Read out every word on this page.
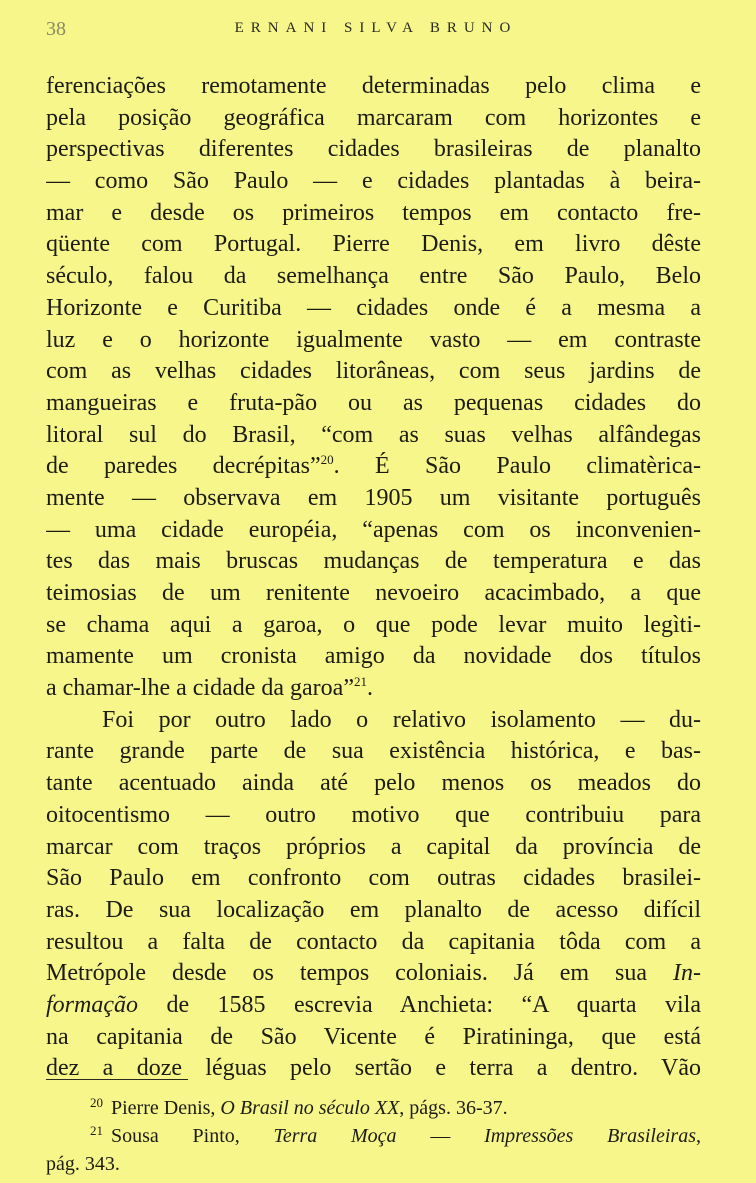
38	ERNANI SILVA BRUNO
ferenciações remotamente determinadas pelo clima e
pela posição geográfica marcaram com horizontes e
perspectivas diferentes cidades brasileiras de planalto
— como São Paulo — e cidades plantadas à beira-
mar e desde os primeiros tempos em contacto fre-
qüente com Portugal. Pierre Denis, em livro dêste
século, falou da semelhança entre São Paulo, Belo
Horizonte e Curitiba — cidades onde é a mesma a
luz e o horizonte igualmente vasto — em contraste
com as velhas cidades litorâneas, com seus jardins de
mangueiras e fruta-pão ou as pequenas cidades do
litoral sul do Brasil, “com as suas velhas alfândegas
de paredes decrépitas”$^{20}$. É São Paulo climatèrica-
mente — observava em 1905 um visitante português
— uma cidade européia, “apenas com os inconvenien-
tes das mais bruscas mudanças de temperatura e das
teimosias de um renitente nevoeiro acacimbado, a que
se chama aqui a garoa, o que pode levar muito legìti-
mamente um cronista amigo da novidade dos títulos
a chamar-lhe a cidade da garoa”$^{21}$.
Foi por outro lado o relativo isolamento — du-
rante grande parte de sua existência histórica, e bas-
tante acentuado ainda até pelo menos os meados do
oitocentismo — outro motivo que contribuiu para
marcar com traços próprios a capital da província de
São Paulo em confronto com outras cidades brasilei-
ras. De sua localização em planalto de acesso difícil
resultou a falta de contacto da capitania tôda com a
Metrópole desde os tempos coloniais. Já em sua In-
formação de 1585 escrevia Anchieta: “A quarta vila
na capitania de São Vicente é Piratininga, que está
dez a doze léguas pelo sertão e terra a dentro. Vão
$^{20}$ Pierre Denis, O Brasil no século XX, págs. 36-37.
$^{21}$ Sousa Pinto, Terra Moça — Impressões Brasileiras,
pág. 343.
